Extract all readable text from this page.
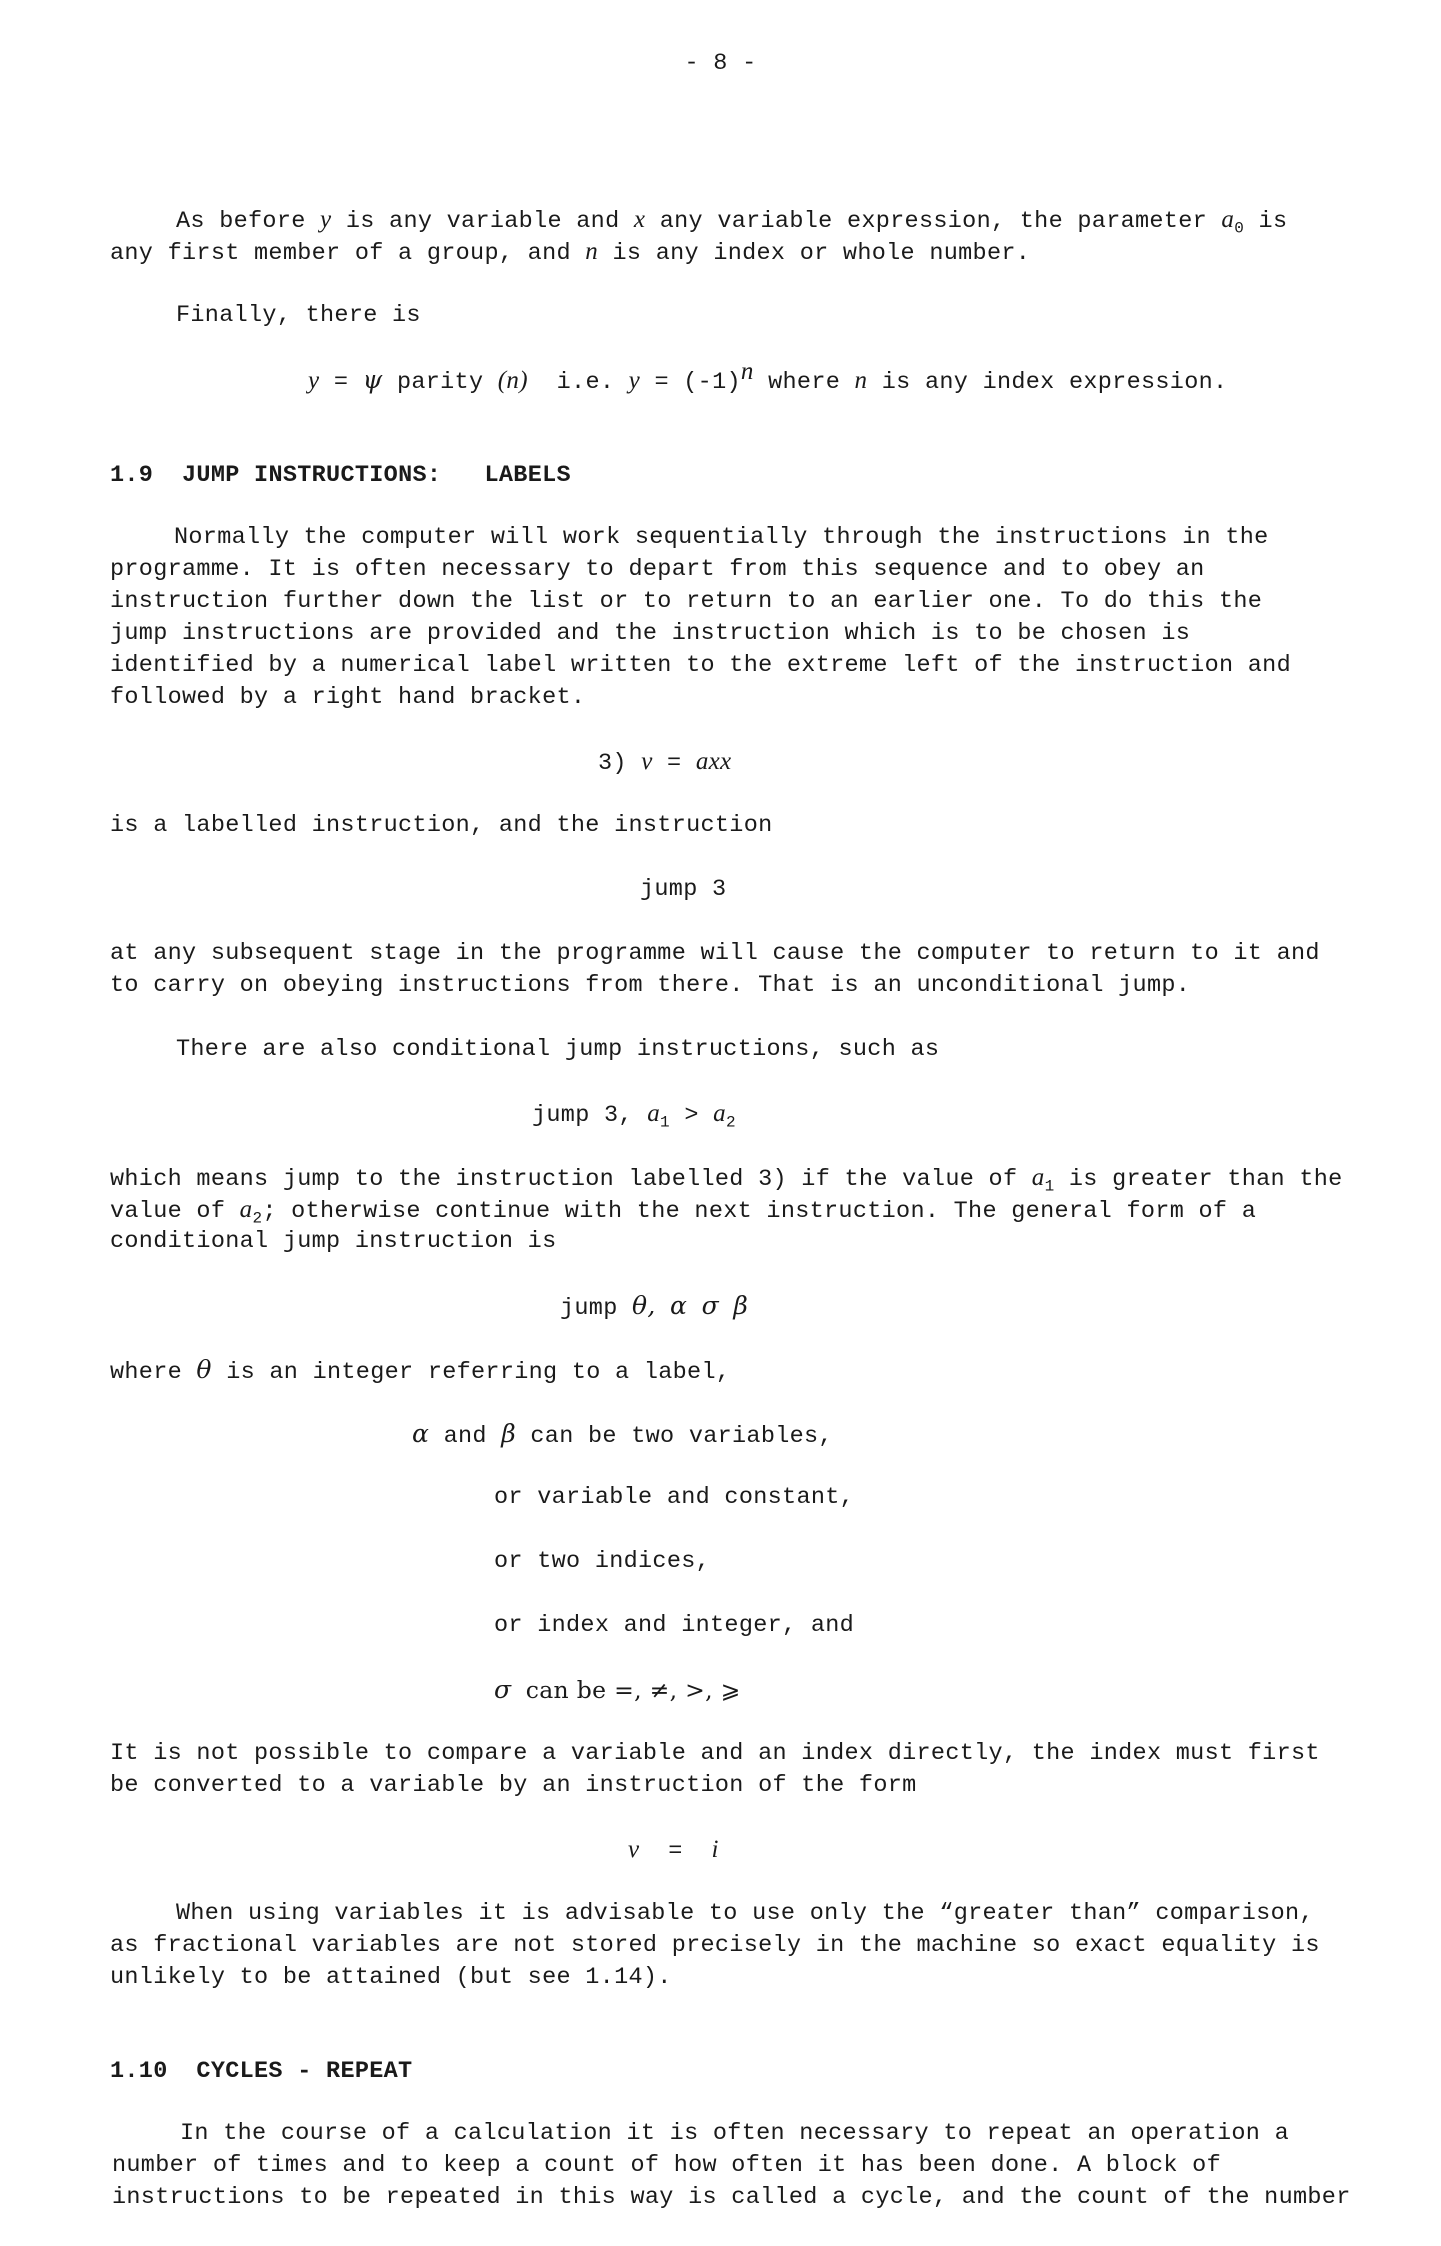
- 8 -
As before y is any variable and x any variable expression, the parameter $a_0$ is
any first member of a group, and n is any index or whole number.
Finally, there is
y = ψ parity (n) i.e. $y = (-1)^n$ where n is any index expression.
1.9 JUMP INSTRUCTIONS: LABELS
Normally the computer will work sequentially through the instructions in the
programme. It is often necessary to depart from this sequence and to obey an
instruction further down the list or to return to an earlier one. To do this the
jump instructions are provided and the instruction which is to be chosen is
identified by a numerical label written to the extreme left of the instruction and
followed by a right hand bracket.
3) v = axx
is a labelled instruction, and the instruction
jump 3
at any subsequent stage in the programme will cause the computer to return to it and
to carry on obeying instructions from there. That is an unconditional jump.
There are also conditional jump instructions, such as
jump 3, $a_1 > a_2$
which means jump to the instruction labelled 3) if the value of $a_1$ is greater than the
value of $a_2$; otherwise continue with the next instruction. The general form of a
conditional jump instruction is
jump θ, α σ β
where θ is an integer referring to a label,
α and β can be two variables,
or variable and constant,
or two indices,
or index and integer, and
σ can be =, ≠, >, ⩾
It is not possible to compare a variable and an index directly, the index must first
be converted to a variable by an instruction of the form
v = i
When using variables it is advisable to use only the “greater than” comparison,
as fractional variables are not stored precisely in the machine so exact equality is
unlikely to be attained (but see 1.14).
1.10 CYCLES - REPEAT
In the course of a calculation it is often necessary to repeat an operation a
number of times and to keep a count of how often it has been done. A block of
instructions to be repeated in this way is called a cycle, and the count of the number
